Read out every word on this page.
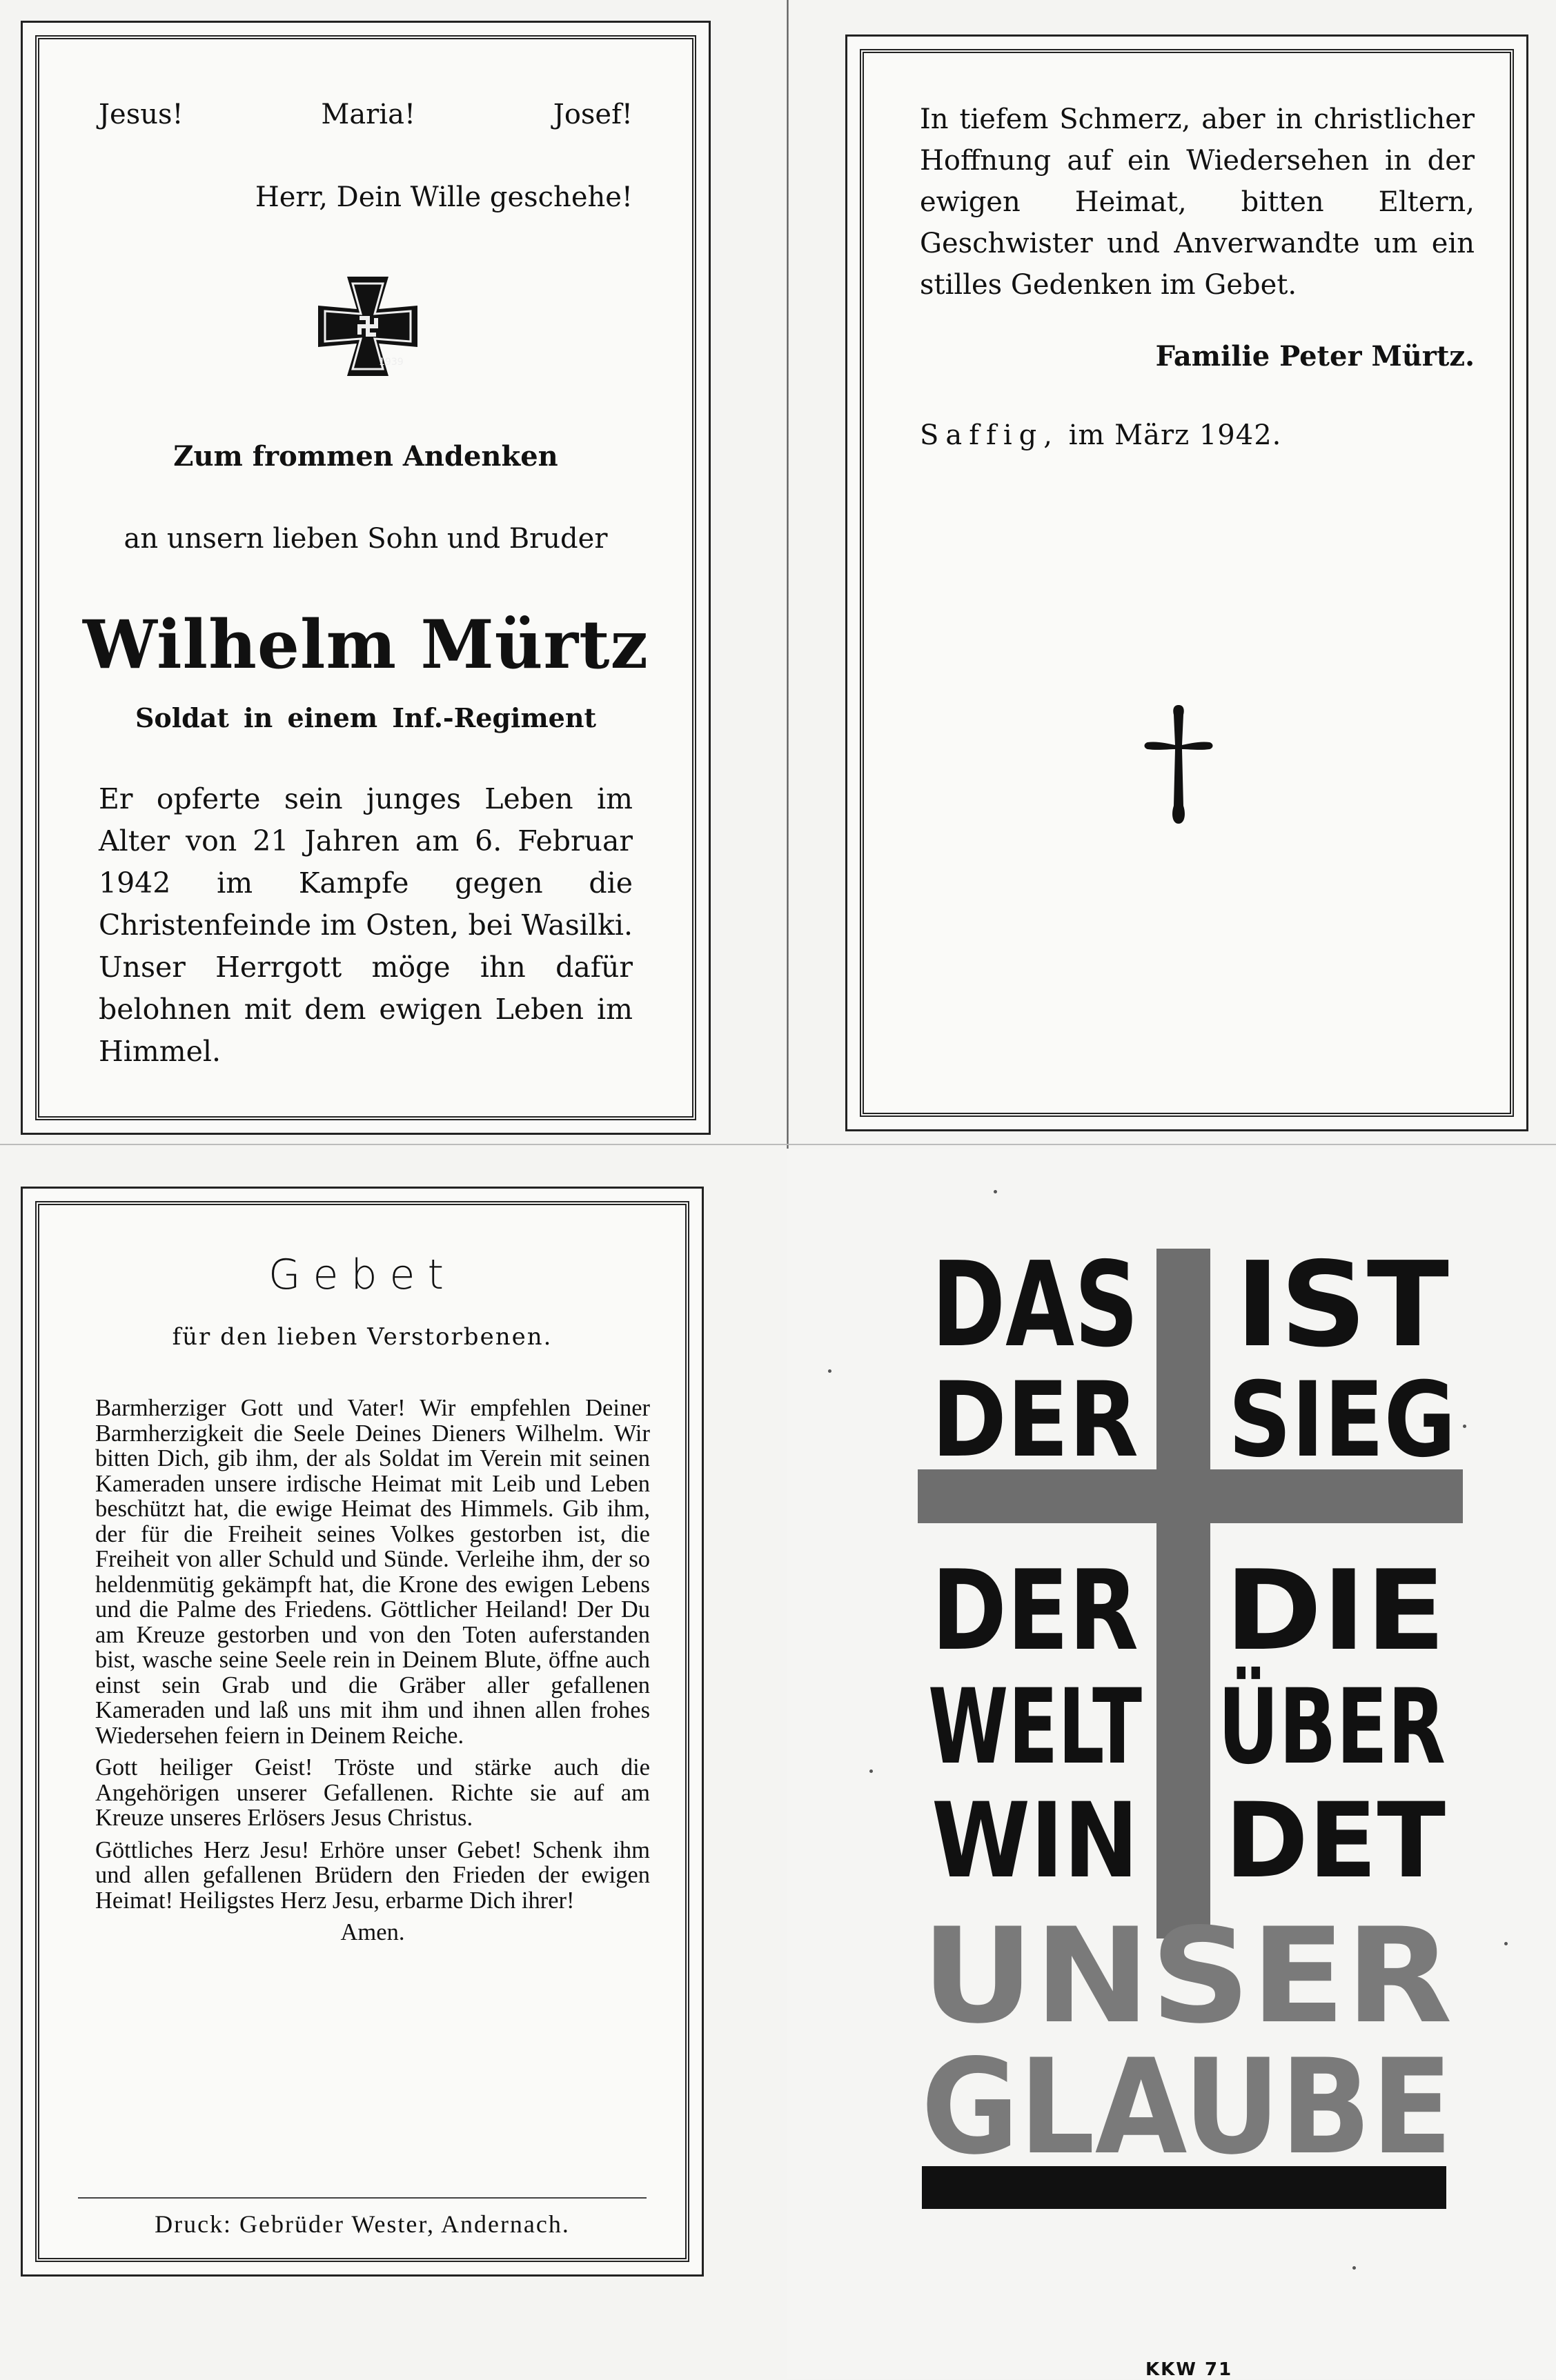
Jesus!	Maria!	Josef!
Herr, Dein Wille geschehe!
1939
Zum frommen Andenken
an unsern lieben Sohn und Bruder
Wilhelm Mürtz
Soldat in einem Inf.-Regiment
Er opferte sein junges Leben im Alter von 21 Jahren am 6. Februar 1942 im Kampfe gegen die Christenfeinde im Osten, bei Wasilki. Unser Herrgott möge ihn dafür belohnen mit dem ewigen Leben im Himmel.
In tiefem Schmerz, aber in christlicher Hoffnung auf ein Wiedersehen in der ewigen Heimat, bitten Eltern, Geschwister und Anverwandte um ein stilles Gedenken im Gebet.
Familie Peter Mürtz.
Saffig, im März 1942.
Gebet
für den lieben Verstorbenen.

Barmherziger Gott und Vater! Wir empfehlen Deiner Barmherzigkeit die Seele Deines Dieners Wilhelm. Wir bitten Dich, gib ihm, der als Soldat im Verein mit seinen Kameraden unsere irdische Heimat mit Leib und Leben beschützt hat, die ewige Heimat des Himmels. Gib ihm, der für die Freiheit seines Volkes gestorben ist, die Freiheit von aller Schuld und Sünde. Verleihe ihm, der so heldenmütig gekämpft hat, die Krone des ewigen Lebens und die Palme des Friedens. Göttlicher Heiland! Der Du am Kreuze gestorben und von den Toten auferstanden bist, wasche seine Seele rein in Deinem Blute, öffne auch einst sein Grab und die Gräber aller gefallenen Kameraden und laß uns mit ihm und ihnen allen frohes Wiedersehen feiern in Deinem Reiche.

Gott heiliger Geist! Tröste und stärke auch die Angehörigen unserer Gefallenen. Richte sie auf am Kreuze unseres Erlösers Jesus Christus.

Göttliches Herz Jesu! Erhöre unser Gebet! Schenk ihm und allen gefallenen Brüdern den Frieden der ewigen Heimat! Heiligstes Herz Jesu, erbarme Dich ihrer!

Amen.

Druck: Gebrüder Wester, Andernach.
DAS IST
DER SIEG
DER DIE
WELT ÜBER
WIN DET
UNSER
GLAUBE
KKW 71
